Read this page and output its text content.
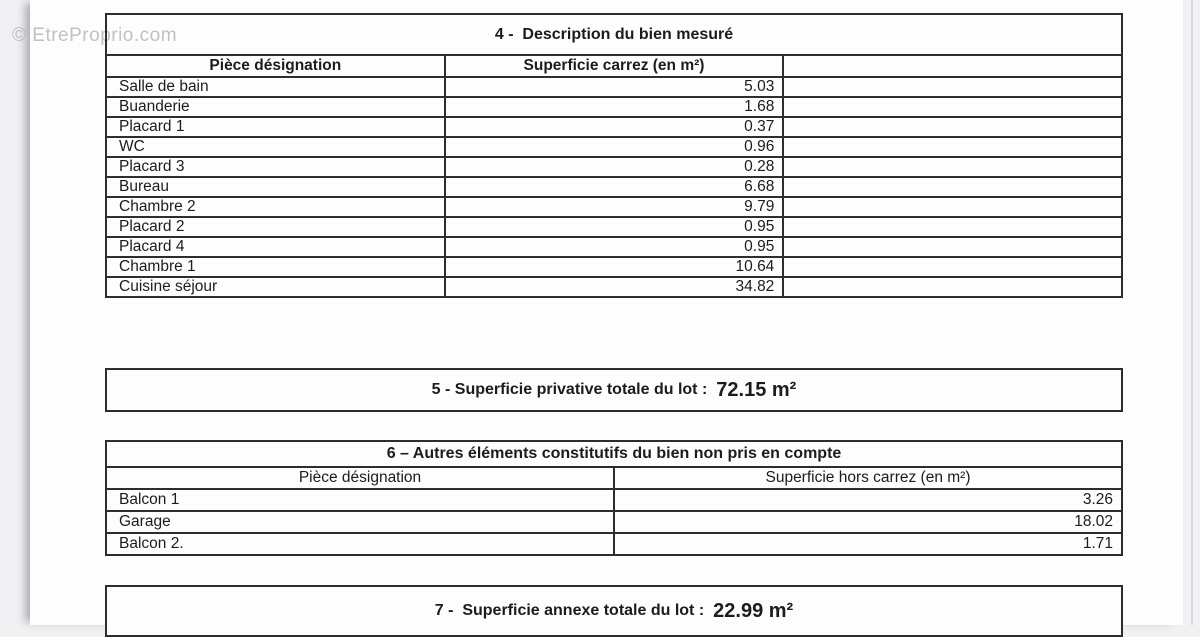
© EtreProprio.com	4 -  Description du bien mesuré		
Pièce désignation	Superficie carrez (en m²)	
Salle de bain	5.03	
Buanderie	1.68	
Placard 1	0.37	
WC	0.96	
Placard 3	0.28	
Bureau	6.68	
Chambre 2	9.79	
Placard 2	0.95	
Placard 4	0.95	
Chambre 1	10.64	
Cuisine séjour	34.82	
5 - Superficie privative totale du lot : 72.15 m²
6 – Autres éléments constitutifs du bien non pris en compte	
Pièce désignation	Superficie hors carrez (en m²)
Balcon 1	3.26
Garage	18.02
Balcon 2.	1.71
7 -  Superficie annexe totale du lot : 22.99 m²
